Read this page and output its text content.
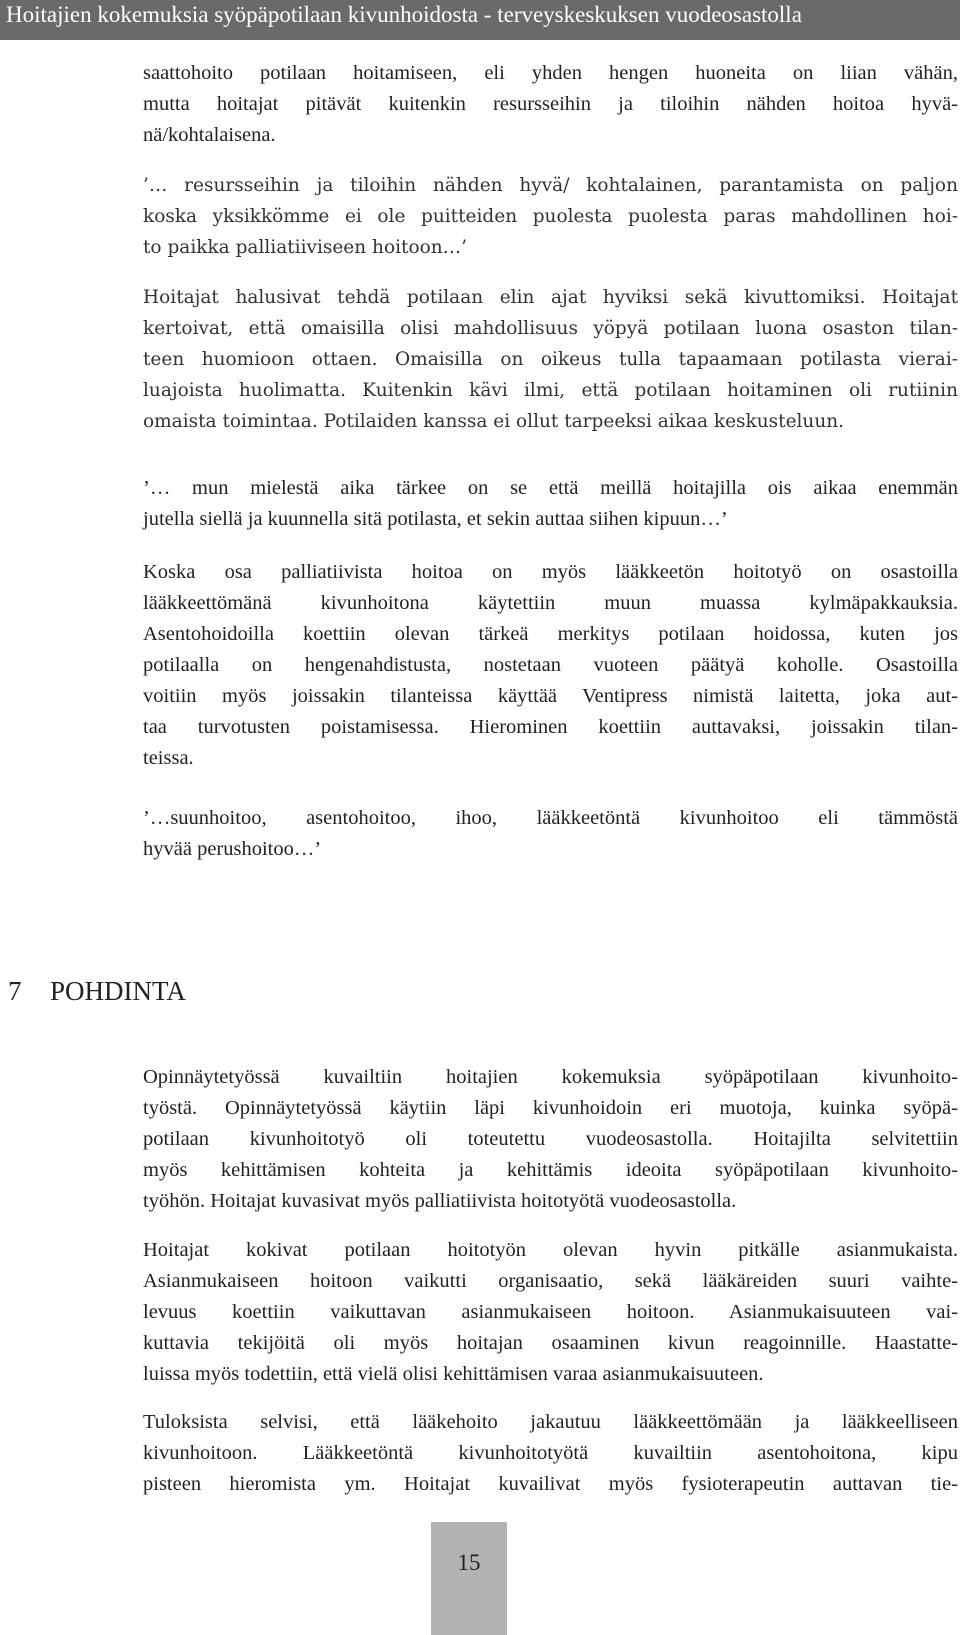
Hoitajien kokemuksia syöpäpotilaan kivunhoidosta - terveyskeskuksen vuodeosastolla
saattohoito potilaan hoitamiseen, eli yhden hengen huoneita on liian vähän,
mutta hoitajat pitävät kuitenkin resursseihin ja tiloihin nähden hoitoa hyvä-
nä/kohtalaisena.
’… resursseihin ja tiloihin nähden hyvä/ kohtalainen, parantamista on paljon
koska yksikkömme ei ole puitteiden puolesta puolesta paras mahdollinen hoi-
to paikka palliatiiviseen hoitoon…’
Hoitajat halusivat tehdä potilaan elin ajat hyviksi sekä kivuttomiksi. Hoitajat
kertoivat, että omaisilla olisi mahdollisuus yöpyä potilaan luona osaston tilan-
teen huomioon ottaen. Omaisilla on oikeus tulla tapaamaan potilasta vierai-
luajoista huolimatta. Kuitenkin kävi ilmi, että potilaan hoitaminen oli rutiinin
omaista toimintaa. Potilaiden kanssa ei ollut tarpeeksi aikaa keskusteluun.
’… mun mielestä aika tärkee on se että meillä hoitajilla ois aikaa enemmän
jutella siellä ja kuunnella sitä potilasta, et sekin auttaa siihen kipuun…’
Koska osa palliatiivista hoitoa on myös lääkkeetön hoitotyö on osastoilla
lääkkeettömänä kivunhoitona käytettiin muun muassa kylmäpakkauksia.
Asentohoidoilla koettiin olevan tärkeä merkitys potilaan hoidossa, kuten jos
potilaalla on hengenahdistusta, nostetaan vuoteen päätyä koholle. Osastoilla
voitiin myös joissakin tilanteissa käyttää Ventipress nimistä laitetta, joka aut-
taa turvotusten poistamisessa. Hierominen koettiin auttavaksi, joissakin tilan-
teissa.
’…suunhoitoo, asentohoitoo, ihoo, lääkkeetöntä kivunhoitoo eli tämmöstä
hyvää perushoitoo…’
7 POHDINTA
Opinnäytetyössä kuvailtiin hoitajien kokemuksia syöpäpotilaan kivunhoito-
työstä. Opinnäytetyössä käytiin läpi kivunhoidoin eri muotoja, kuinka syöpä-
potilaan kivunhoitotyö oli toteutettu vuodeosastolla. Hoitajilta selvitettiin
myös kehittämisen kohteita ja kehittämis ideoita syöpäpotilaan kivunhoito-
työhön. Hoitajat kuvasivat myös palliatiivista hoitotyötä vuodeosastolla.
Hoitajat kokivat potilaan hoitotyön olevan hyvin pitkälle asianmukaista.
Asianmukaiseen hoitoon vaikutti organisaatio, sekä lääkäreiden suuri vaihte-
levuus koettiin vaikuttavan asianmukaiseen hoitoon. Asianmukaisuuteen vai-
kuttavia tekijöitä oli myös hoitajan osaaminen kivun reagoinnille. Haastatte-
luissa myös todettiin, että vielä olisi kehittämisen varaa asianmukaisuuteen.
Tuloksista selvisi, että lääkehoito jakautuu lääkkeettömään ja lääkkeelliseen
kivunhoitoon. Lääkkeetöntä kivunhoitotyötä kuvailtiin asentohoitona, kipu
pisteen hieromista ym. Hoitajat kuvailivat myös fysioterapeutin auttavan tie-
15
